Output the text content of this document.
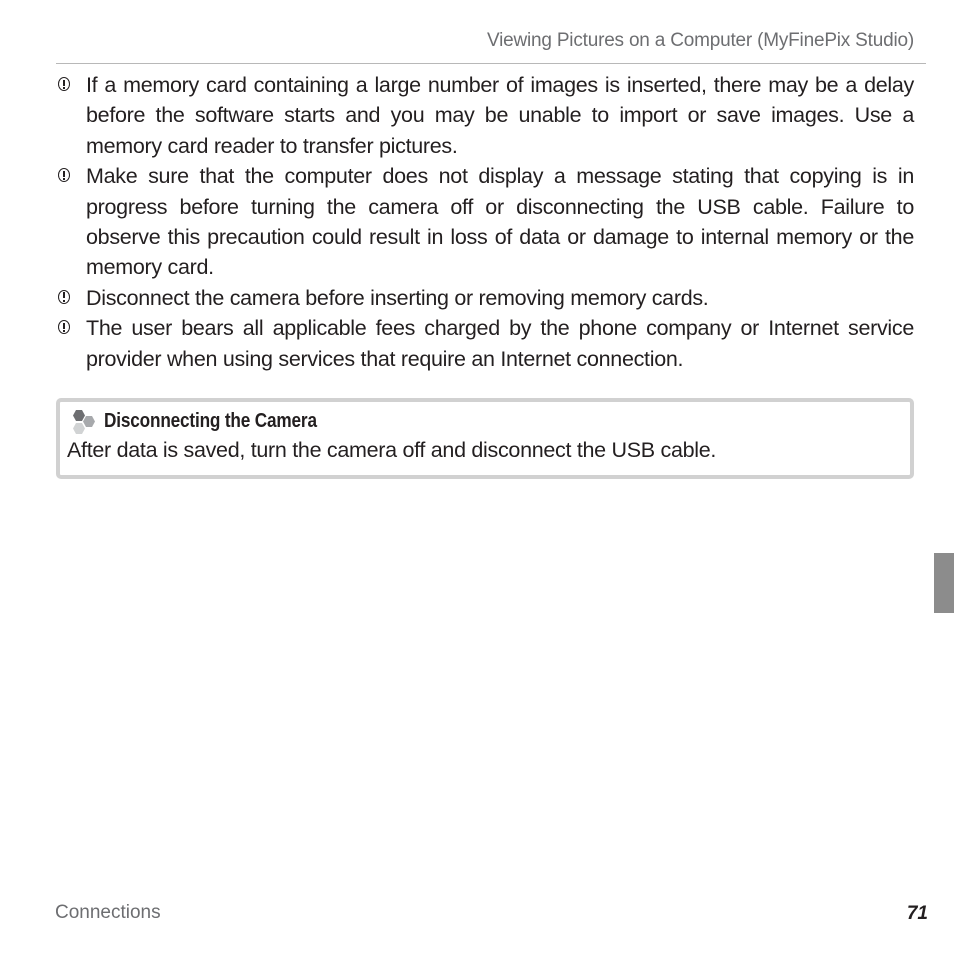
Viewing Pictures on a Computer (MyFinePix Studio)
If a memory card containing a large number of images is inserted, there may be a delay before the software starts and you may be unable to import or save images. Use a memory card reader to transfer pictures.
Make sure that the computer does not display a message stating that copying is in progress before turning the camera off or disconnecting the USB cable. Failure to observe this precaution could result in loss of data or damage to internal memory or the memory card.
Disconnect the camera before inserting or removing memory cards.
The user bears all applicable fees charged by the phone company or Internet service provider when using services that require an Internet connection.
Disconnecting the Camera
After data is saved, turn the camera off and disconnect the USB cable.
Connections	71
